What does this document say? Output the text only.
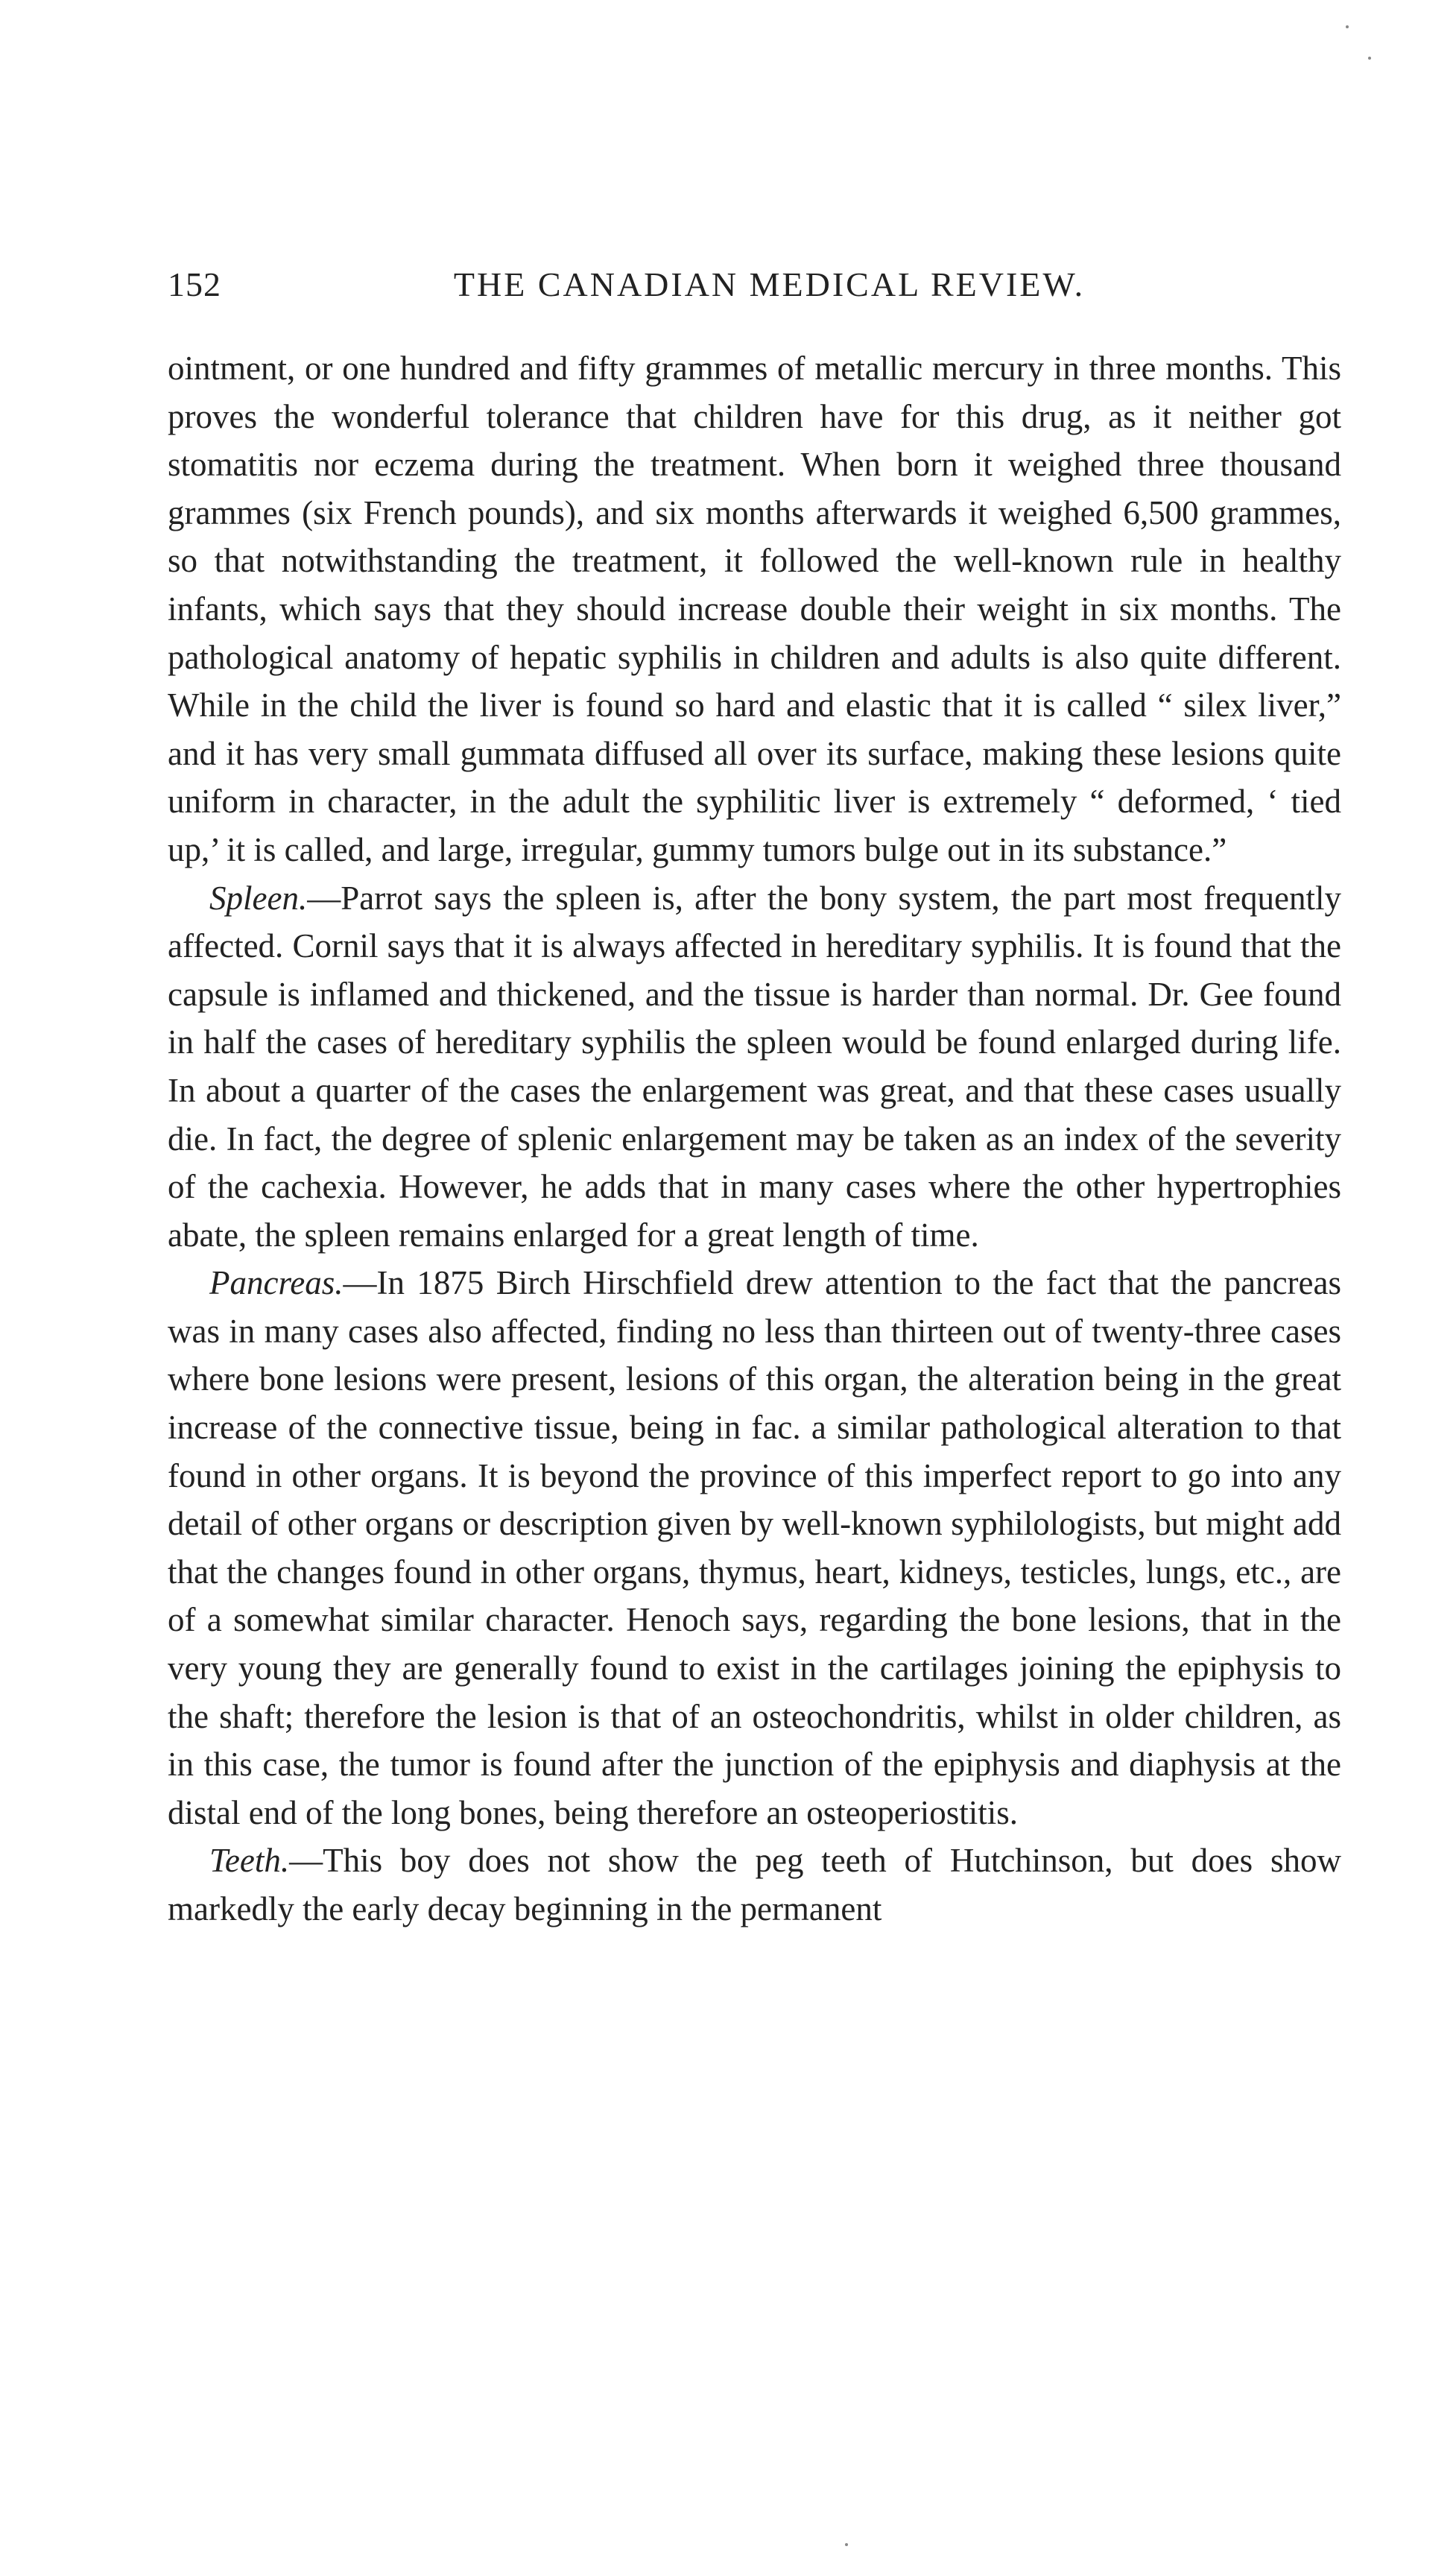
152	THE CANADIAN MEDICAL REVIEW.

ointment, or one hundred and fifty grammes of metallic mercury in three months. This proves the wonderful tolerance that children have for this drug, as it neither got stomatitis nor eczema during the treatment. When born it weighed three thousand grammes (six French pounds), and six months afterwards it weighed 6,500 grammes, so that notwithstanding the treatment, it followed the well-known rule in healthy infants, which says that they should increase double their weight in six months. The pathological anatomy of hepatic syphilis in children and adults is also quite different. While in the child the liver is found so hard and elastic that it is called “ silex liver,” and it has very small gummata diffused all over its surface, making these lesions quite uniform in character, in the adult the syphilitic liver is extremely “ deformed, ‘ tied up,’ it is called, and large, irregular, gummy tumors bulge out in its substance.”

Spleen.—Parrot says the spleen is, after the bony system, the part most frequently affected. Cornil says that it is always affected in hereditary syphilis. It is found that the capsule is inflamed and thickened, and the tissue is harder than normal. Dr. Gee found in half the cases of hereditary syphilis the spleen would be found enlarged during life. In about a quarter of the cases the enlargement was great, and that these cases usually die. In fact, the degree of splenic enlargement may be taken as an index of the severity of the cachexia. However, he adds that in many cases where the other hypertrophies abate, the spleen remains enlarged for a great length of time.

Pancreas.—In 1875 Birch Hirschfield drew attention to the fact that the pancreas was in many cases also affected, finding no less than thirteen out of twenty-three cases where bone lesions were present, lesions of this organ, the alteration being in the great increase of the connective tissue, being in fac. a similar pathological alteration to that found in other organs. It is beyond the province of this imperfect report to go into any detail of other organs or description given by well-known syphilologists, but might add that the changes found in other organs, thymus, heart, kidneys, testicles, lungs, etc., are of a somewhat similar character. Henoch says, regarding the bone lesions, that in the very young they are generally found to exist in the cartilages joining the epiphysis to the shaft; therefore the lesion is that of an osteochondritis, whilst in older children, as in this case, the tumor is found after the junction of the epiphysis and diaphysis at the distal end of the long bones, being therefore an osteoperiostitis.

Teeth.—This boy does not show the peg teeth of Hutchinson, but does show markedly the early decay beginning in the permanent
